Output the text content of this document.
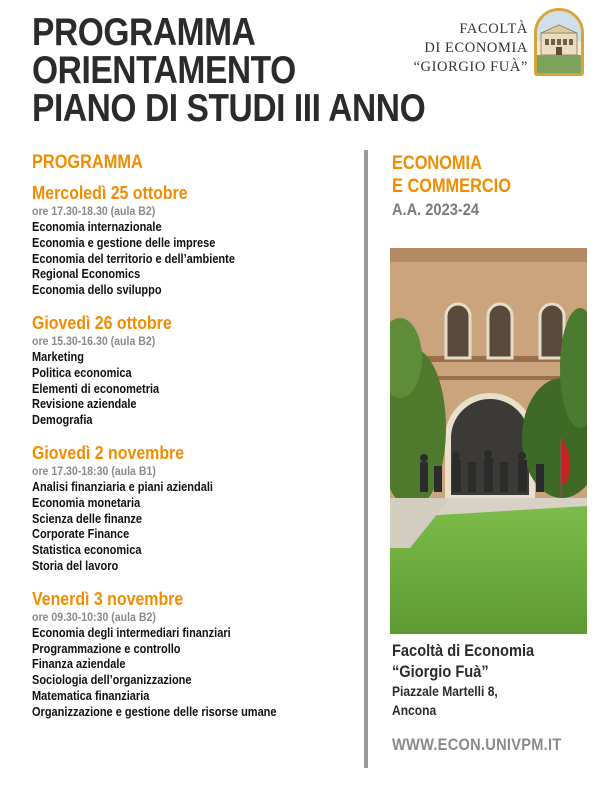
PROGRAMMA
ORIENTAMENTO
PIANO DI STUDI III ANNO
FACOLTÀ
DI ECONOMIA
“GIORGIO FUÀ”
PROGRAMMA
Mercoledì 25 ottobre
ore 17.30-18.30 (aula B2)
Economia internazionale
Economia e gestione delle imprese
Economia del territorio e dell’ambiente
Regional Economics
Economia dello sviluppo
Giovedì 26 ottobre
ore 15.30-16.30 (aula B2)
Marketing
Politica economica
Elementi di econometria
Revisione aziendale
Demografia
Giovedì 2 novembre
ore 17.30-18:30 (aula B1)
Analisi finanziaria e piani aziendali
Economia monetaria
Scienza delle finanze
Corporate Finance
Statistica economica
Storia del lavoro
Venerdì 3 novembre
ore 09.30-10:30 (aula B2)
Economia degli intermediari finanziari
Programmazione e controllo
Finanza aziendale
Sociologia dell’organizzazione
Matematica finanziaria
Organizzazione e gestione delle risorse umane
ECONOMIA
E COMMERCIO
A.A. 2023-24
Facoltà di Economia
“Giorgio Fuà”
Piazzale Martelli 8,
Ancona
WWW.ECON.UNIVPM.IT
